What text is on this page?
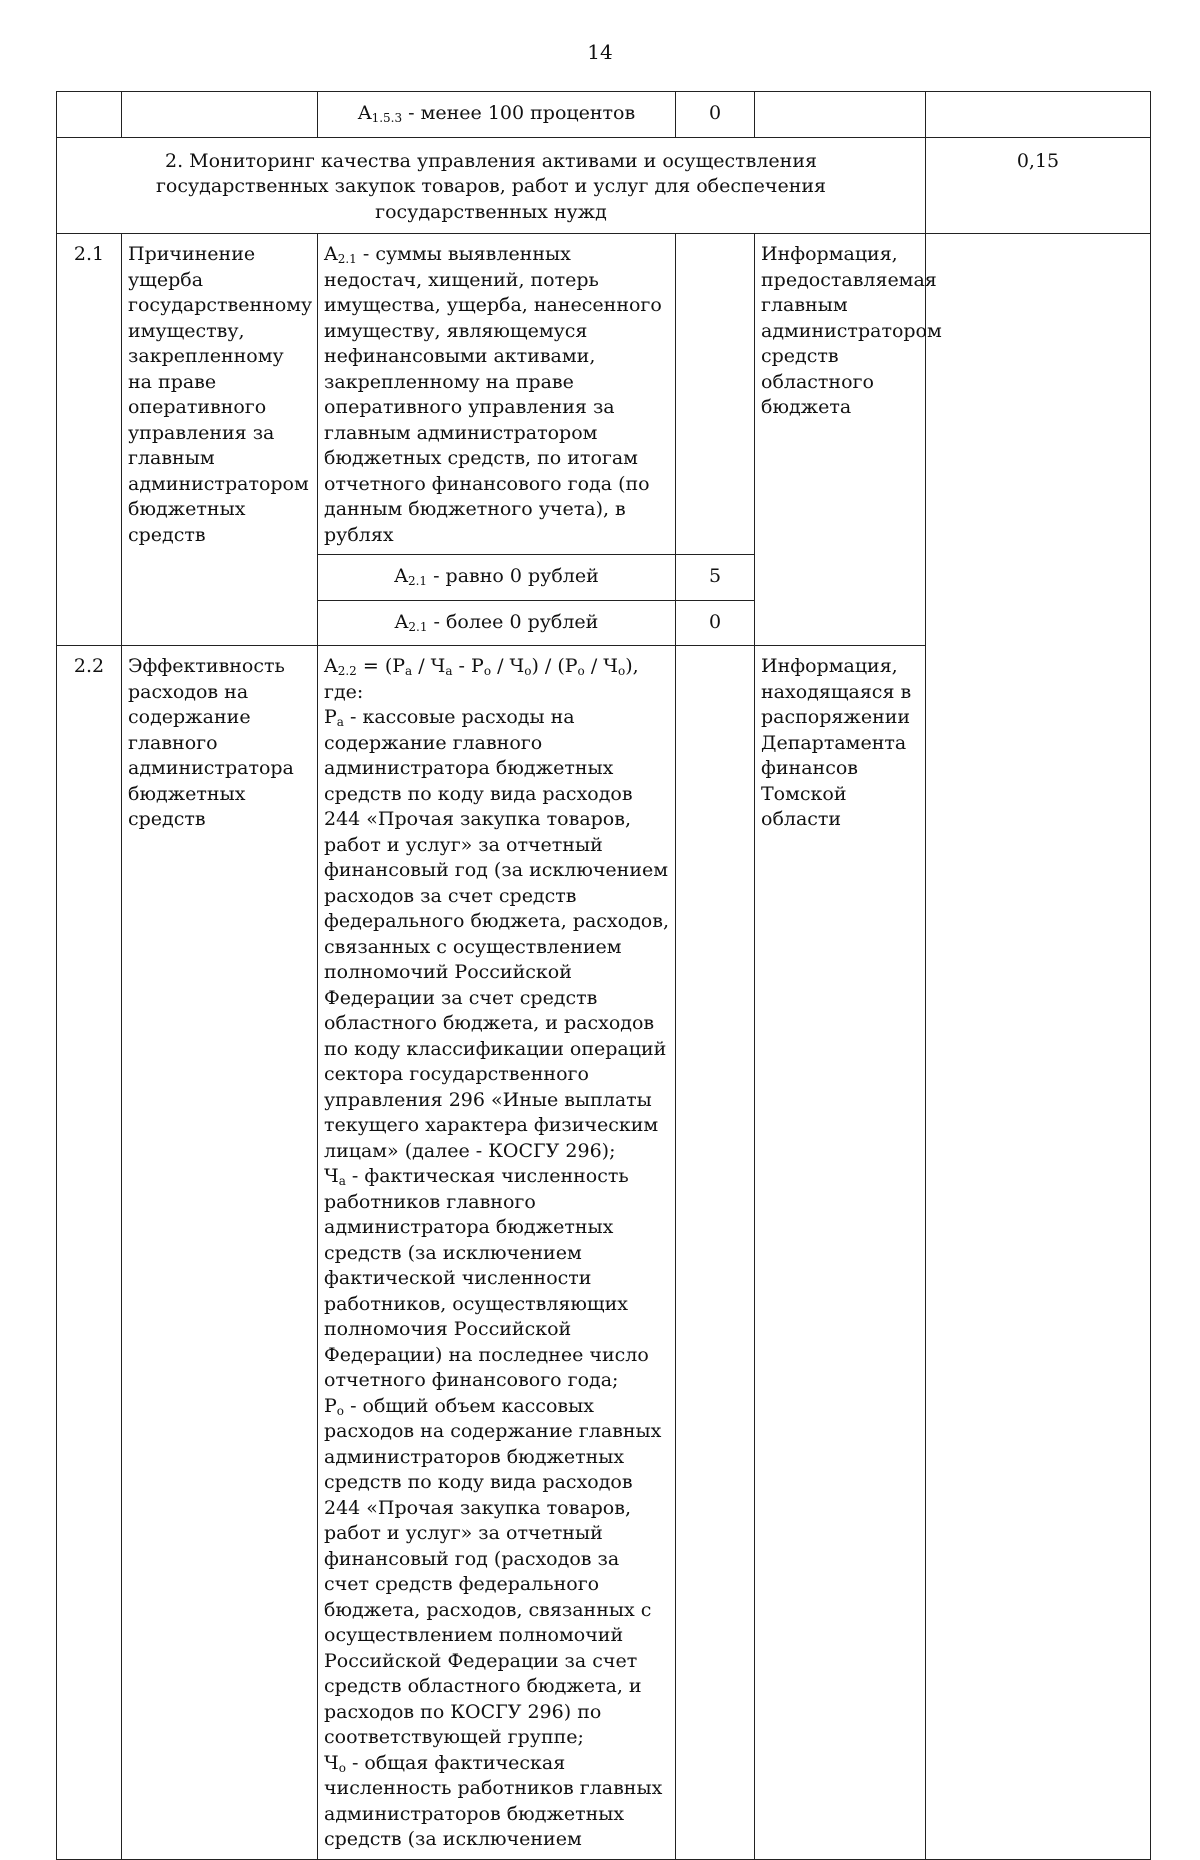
14
		$A_{1.5.3}$ - менее 100 процентов	0		
2. Мониторинг качества управления активами и осуществления государственных закупок товаров, работ и услуг для обеспечения государственных нужд					0,15
2.1	Причинение ущерба государственному имуществу, закрепленному на праве оперативного управления за главным администратором бюджетных средств	$A_{2.1}$ - суммы выявленных недостач, хищений, потерь имущества, ущерба, нанесенного имуществу, являющемуся нефинансовыми активами, закрепленному на праве оперативного управления за главным администратором бюджетных средств, по итогам отчетного финансового года (по данным бюджетного учета), в рублях		Информация, предоставляемая главным администратором средств областного бюджета	
		$A_{2.1}$ - равно 0 рублей	5		
		$A_{2.1}$ - более 0 рублей	0		
2.2	Эффективность расходов на содержание главного администратора бюджетных средств	$A_{2.2} = (P_а / Ч_а - P_о / Ч_о) / (P_о / Ч_о)$, где:
$P_а$ - кассовые расходы на содержание главного администратора бюджетных средств по коду вида расходов 244 «Прочая закупка товаров, работ и услуг» за отчетный финансовый год (за исключением расходов за счет средств федерального бюджета, расходов, связанных с осуществлением полномочий Российской Федерации за счет средств областного бюджета, и расходов по коду классификации операций сектора государственного управления 296 «Иные выплаты текущего характера физическим лицам» (далее - КОСГУ 296);
$Ч_а$ - фактическая численность работников главного администратора бюджетных средств (за исключением фактической численности работников, осуществляющих полномочия Российской Федерации) на последнее число отчетного финансового года;
$P_о$ - общий объем кассовых расходов на содержание главных администраторов бюджетных средств по коду вида расходов 244 «Прочая закупка товаров, работ и услуг» за отчетный финансовый год (расходов за счет средств федерального бюджета, расходов, связанных с осуществлением полномочий Российской Федерации за счет средств областного бюджета, и расходов по КОСГУ 296) по соответствующей группе;
$Ч_о$ - общая фактическая численность работников главных администраторов бюджетных средств (за исключением		Информация, находящаяся в распоряжении Департамента финансов Томской области	
